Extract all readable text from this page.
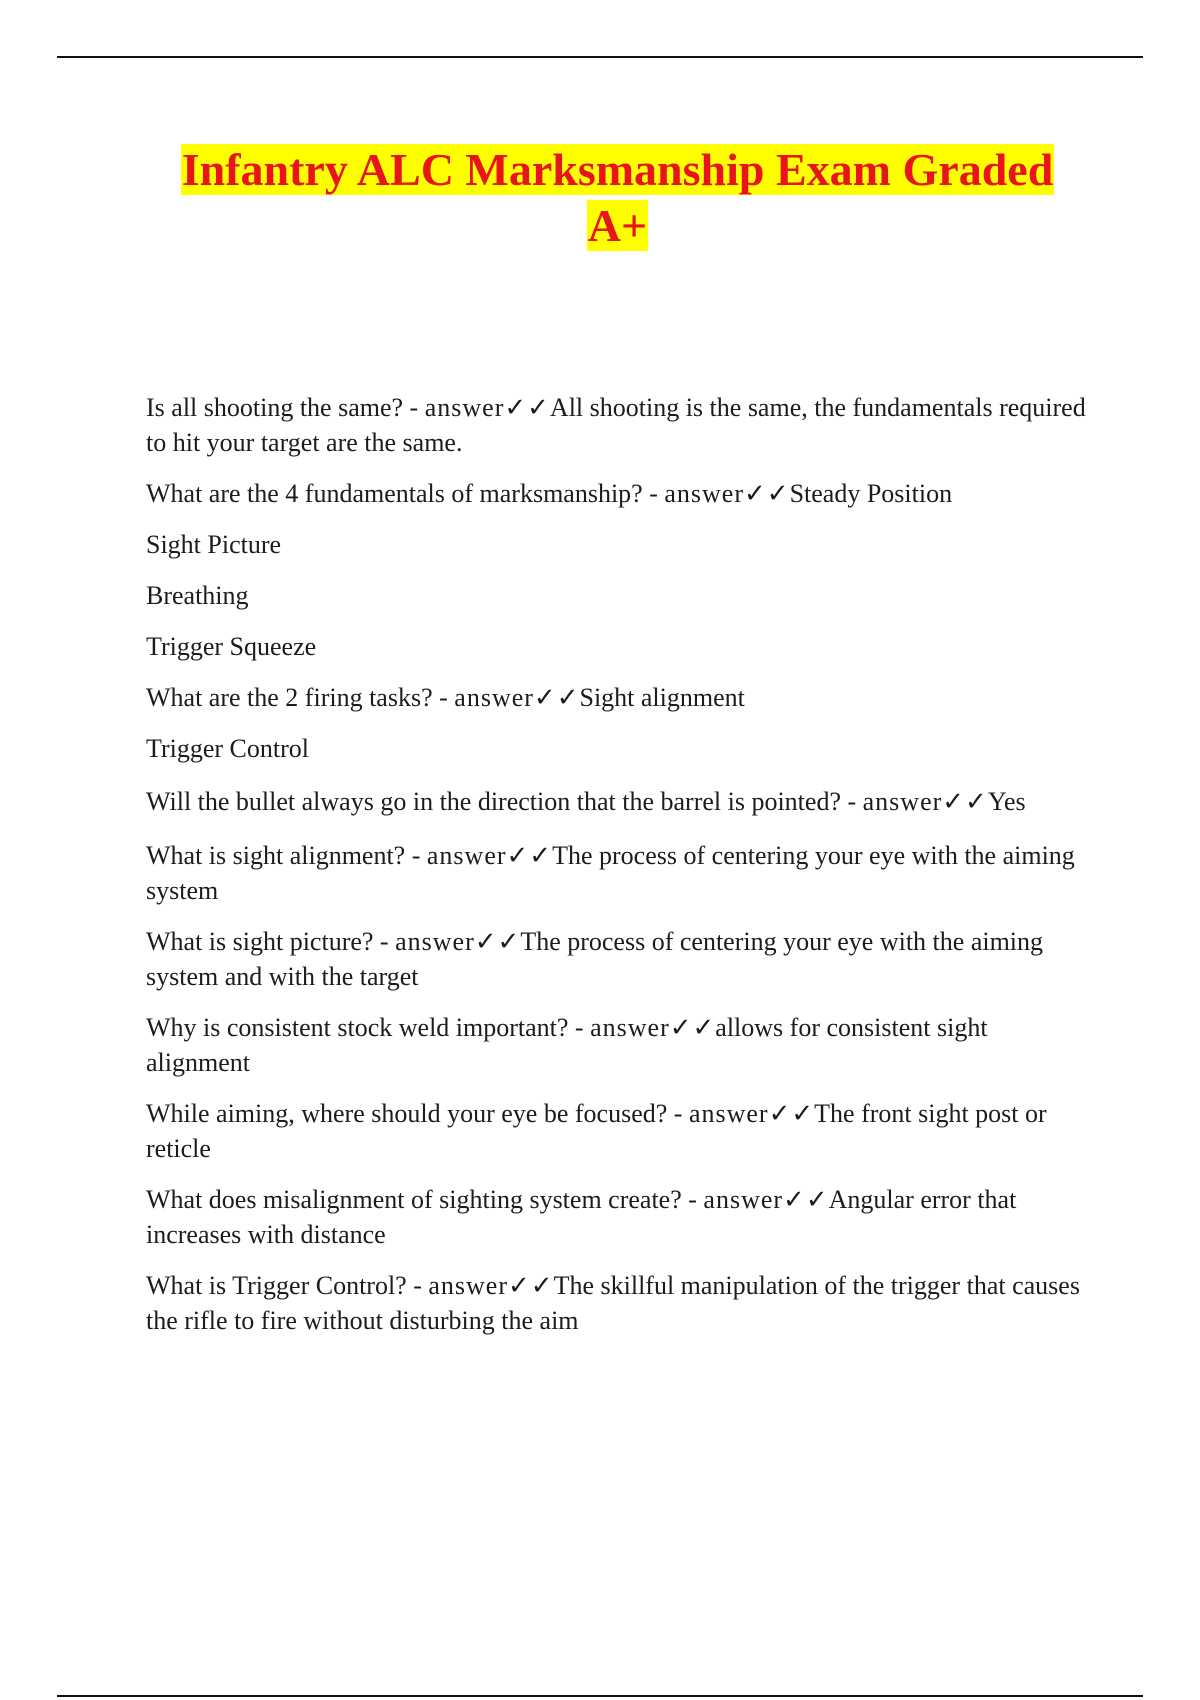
Infantry ALC Marksmanship Exam Graded
A+

Is all shooting the same? - answer✓✓All shooting is the same, the fundamentals required to hit your target are the same.

What are the 4 fundamentals of marksmanship? - answer✓✓Steady Position

Sight Picture

Breathing

Trigger Squeeze

What are the 2 firing tasks? - answer✓✓Sight alignment

Trigger Control

Will the bullet always go in the direction that the barrel is pointed? - answer✓✓Yes

What is sight alignment? - answer✓✓The process of centering your eye with the aiming system

What is sight picture? - answer✓✓The process of centering your eye with the aiming system and with the target

Why is consistent stock weld important? - answer✓✓allows for consistent sight alignment

While aiming, where should your eye be focused? - answer✓✓The front sight post or reticle

What does misalignment of sighting system create? - answer✓✓Angular error that increases with distance

What is Trigger Control? - answer✓✓The skillful manipulation of the trigger that causes the rifle to fire without disturbing the aim
